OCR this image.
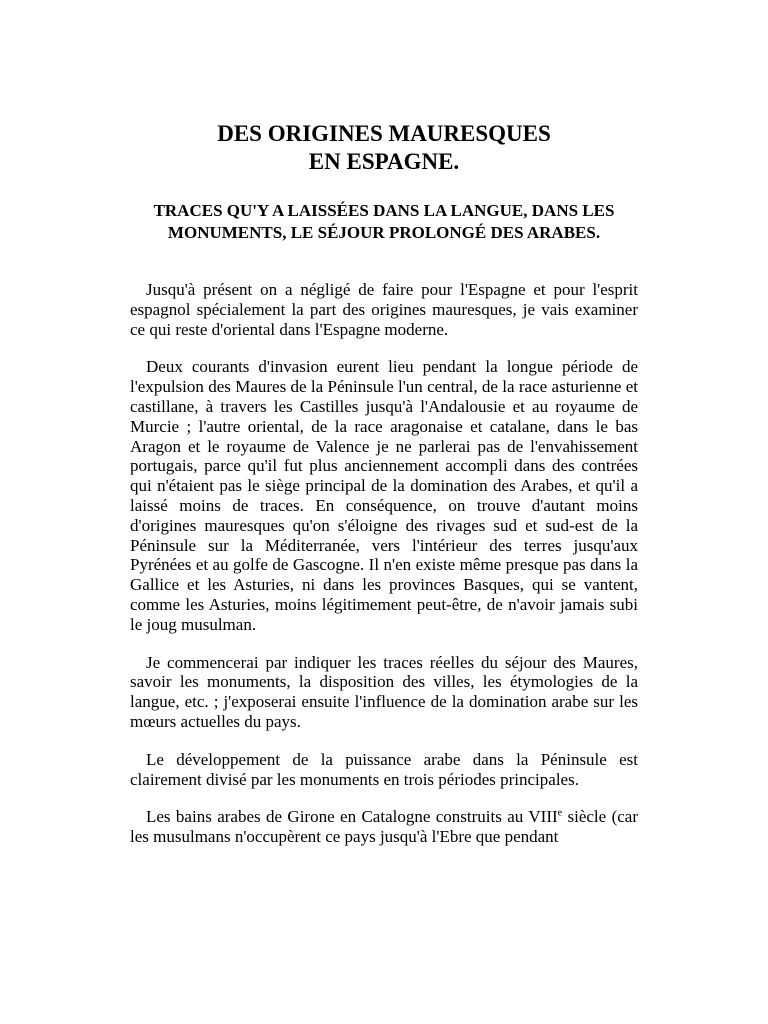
DES ORIGINES MAURESQUES
EN ESPAGNE.
TRACES QU'Y A LAISSÉES DANS LA LANGUE, DANS LES MONUMENTS, LE SÉJOUR PROLONGÉ DES ARABES.

Jusqu'à présent on a négligé de faire pour l'Espagne et pour l'esprit espagnol spécialement la part des origines mauresques, je vais examiner ce qui reste d'oriental dans l'Espagne moderne.

Deux courants d'invasion eurent lieu pendant la longue période de l'expulsion des Maures de la Péninsule l'un central, de la race asturienne et castillane, à travers les Castilles jusqu'à l'Andalousie et au royaume de Murcie ; l'autre oriental, de la race aragonaise et catalane, dans le bas Aragon et le royaume de Valence je ne parlerai pas de l'envahissement portugais, parce qu'il fut plus anciennement accompli dans des contrées qui n'étaient pas le siège principal de la domination des Arabes, et qu'il a laissé moins de traces. En conséquence, on trouve d'autant moins d'origines mauresques qu'on s'éloigne des rivages sud et sud-est de la Péninsule sur la Méditerranée, vers l'intérieur des terres jusqu'aux Pyrénées et au golfe de Gascogne. Il n'en existe même presque pas dans la Gallice et les Asturies, ni dans les provinces Basques, qui se vantent, comme les Asturies, moins légitimement peut-être, de n'avoir jamais subi le joug musulman.

Je commencerai par indiquer les traces réelles du séjour des Maures, savoir les monuments, la disposition des villes, les étymologies de la langue, etc. ; j'exposerai ensuite l'influence de la domination arabe sur les mœurs actuelles du pays.

Le développement de la puissance arabe dans la Péninsule est clairement divisé par les monuments en trois périodes principales.

Les bains arabes de Girone en Catalogne construits au VIIIe siècle (car les musulmans n'occupèrent ce pays jusqu'à l'Ebre que pendant
